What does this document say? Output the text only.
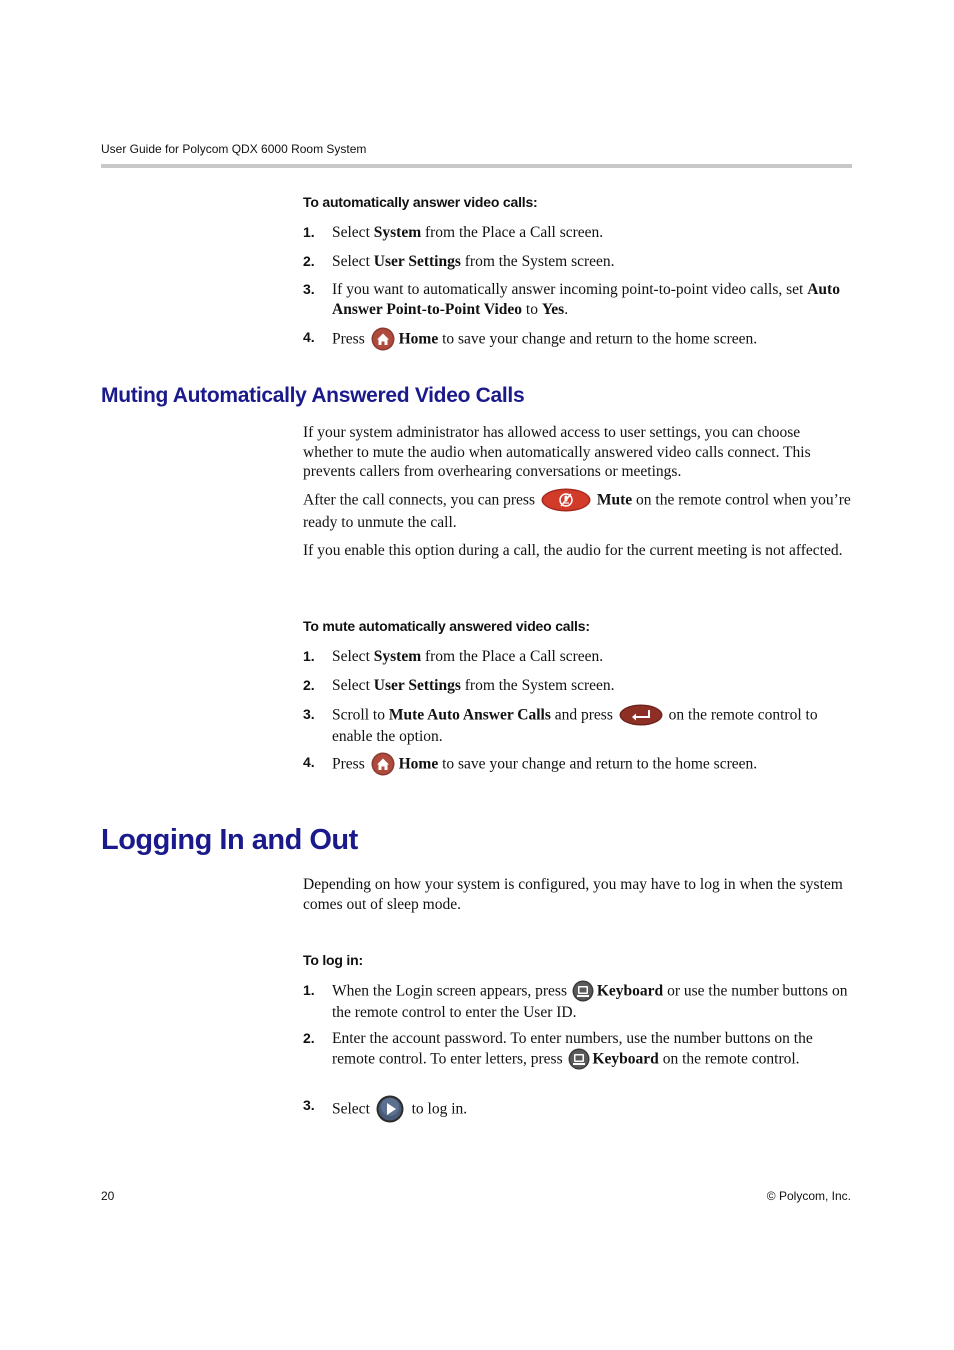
User Guide for Polycom QDX 6000 Room System
To automatically answer video calls:
1. Select System from the Place a Call screen.
2. Select User Settings from the System screen.
3. If you want to automatically answer incoming point-to-point video calls, set Auto Answer Point-to-Point Video to Yes.
4. Press
Home to save your change and return to the home screen.
Muting Automatically Answered Video Calls
If your system administrator has allowed access to user settings, you can choose whether to mute the audio when automatically answered video calls connect. This prevents callers from overhearing conversations or meetings.
After the call connects, you can press	Mute on the remote control when you’re ready to unmute the call.
If you enable this option during a call, the audio for the current meeting is not affected.
To mute automatically answered video calls:
1. Select System from the Place a Call screen.
2. Select User Settings from the System screen.
3. Scroll to Mute Auto Answer Calls and press	on the remote control to enable the option.
4. Press
Home to save your change and return to the home screen.
Logging In and Out
Depending on how your system is configured, you may have to log in when the system comes out of sleep mode.
To log in:
1. When the Login screen appears, press
Keyboard or use the number buttons on the remote control to enter the User ID.
2. Enter the account password. To enter numbers, use the number buttons on the remote control. To enter letters, press
Keyboard on the remote control.
3. Select
to log in.
20	© Polycom, Inc.
